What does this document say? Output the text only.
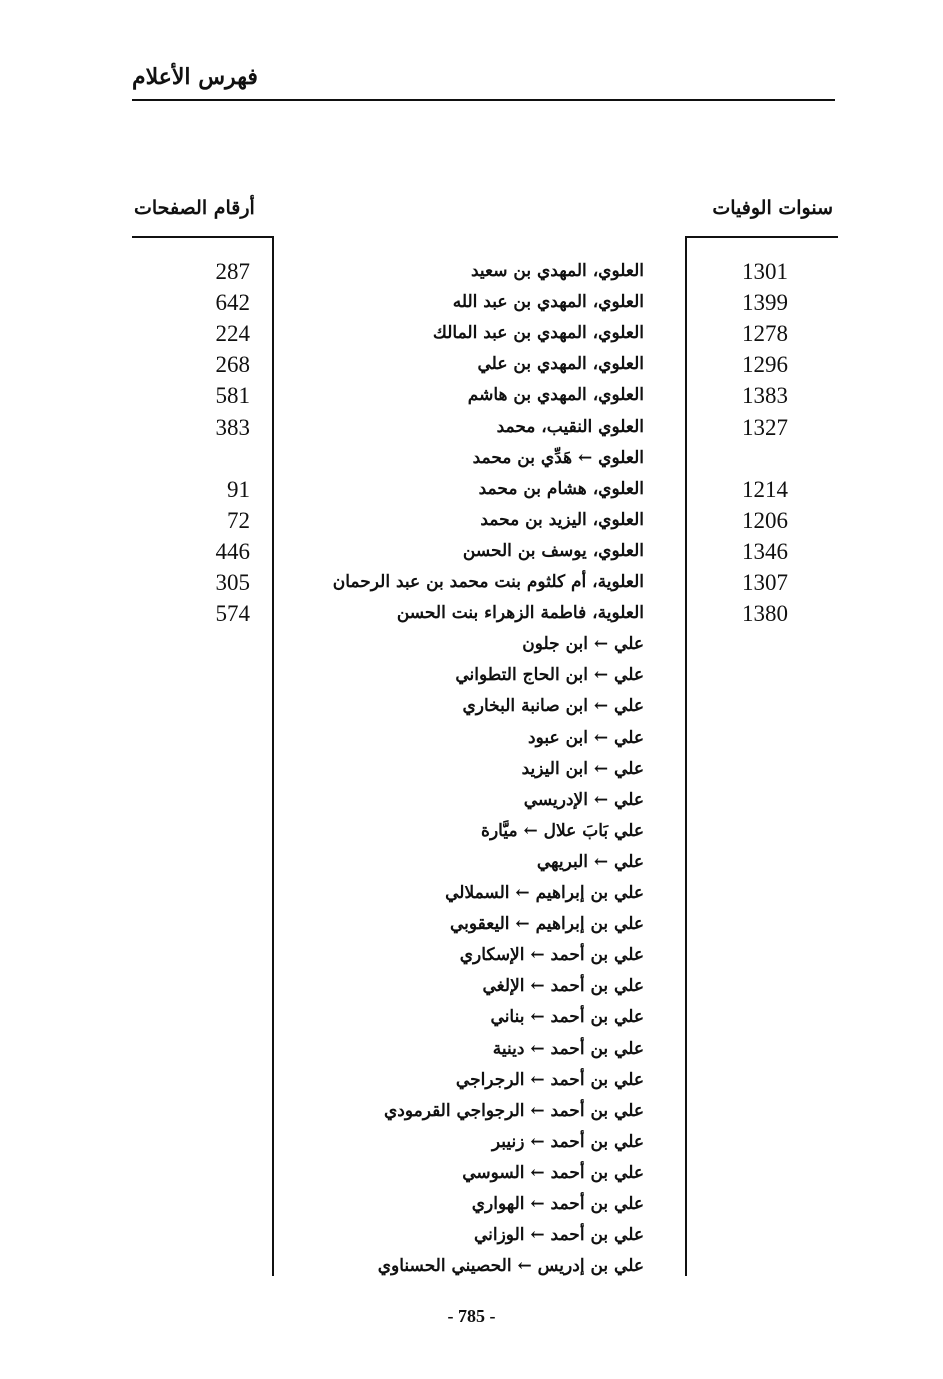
فهرس الأعلام
أرقام الصفحات	سنوات الوفيات
287	العلوي، المهدي بن سعيد	1301
642	العلوي، المهدي بن عبد الله	1399
224	العلوي، المهدي بن عبد المالك	1278
268	العلوي، المهدي بن علي	1296
581	العلوي، المهدي بن هاشم	1383
383	العلوي النقيب، محمد	1327
العلوي ← هَدِّي بن محمد
91	العلوي، هشام بن محمد	1214
72	العلوي، اليزيد بن محمد	1206
446	العلوي، يوسف بن الحسن	1346
305	العلوية، أم كلثوم بنت محمد بن عبد الرحمان	1307
574	العلوية، فاطمة الزهراء بنت الحسن	1380
علي ← ابن جلون
علي ← ابن الحاج التطواني
علي ← ابن صانبة البخاري
علي ← ابن عبود
علي ← ابن اليزيد
علي ← الإدريسي
علي بَابَ علال ← ميَّارة
علي ← البريهي
علي بن إبراهيم ← السملالي
علي بن إبراهيم ← اليعقوبي
علي بن أحمد ← الإسكاري
علي بن أحمد ← الإلغي
علي بن أحمد ← بناني
علي بن أحمد ← دينية
علي بن أحمد ← الرجراجي
علي بن أحمد ← الرجواجي القرمودي
علي بن أحمد ← زنيبر
علي بن أحمد ← السوسي
علي بن أحمد ← الهواري
علي بن أحمد ← الوزاني
علي بن إدريس ← الحصيني الحسناوي
- 785 -
